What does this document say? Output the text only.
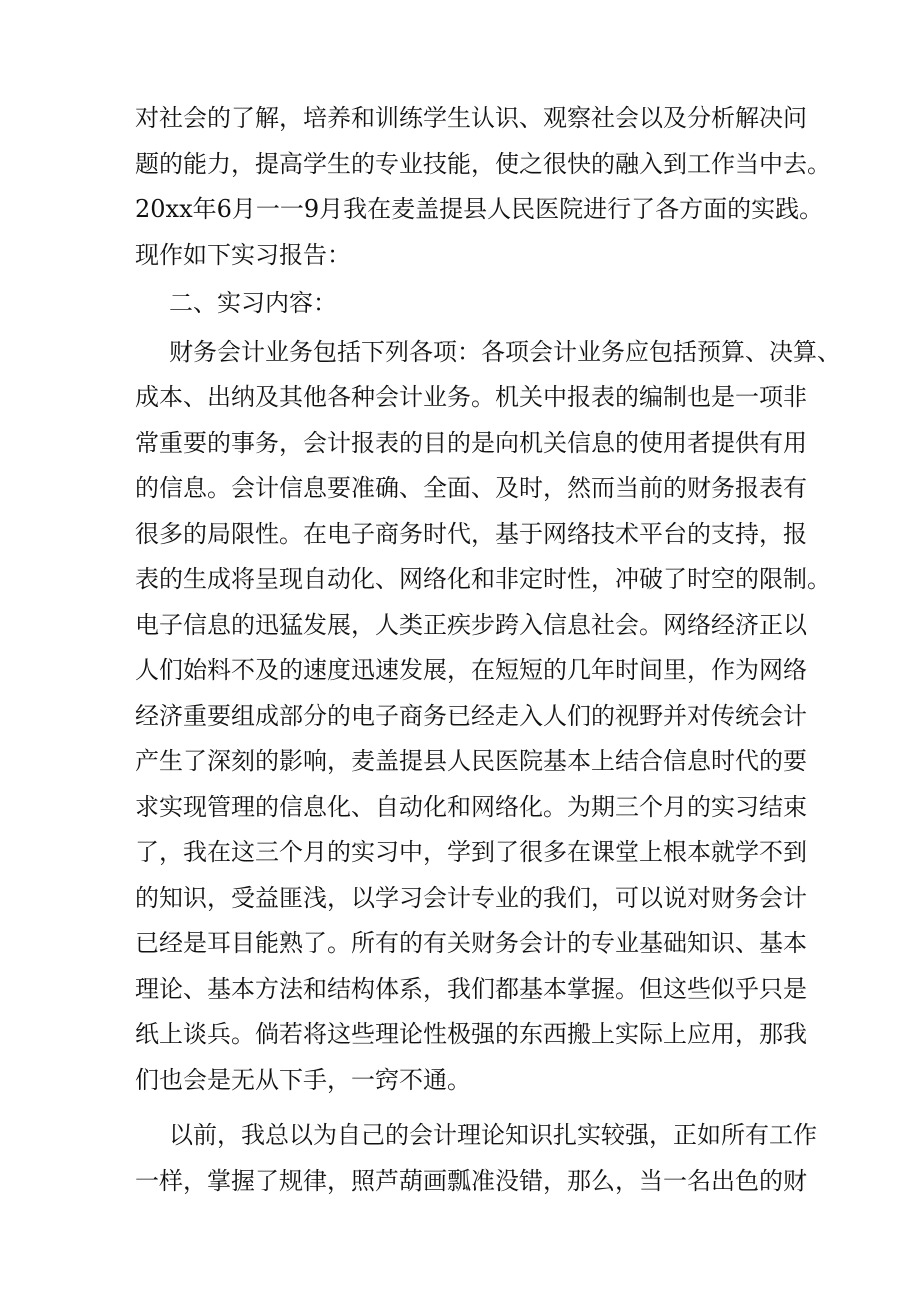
对社会的了解，培养和训练学生认识、观察社会以及分析解决问
题的能力，提高学生的专业技能，使之很快的融入到工作当中去。
20xx年6月一一9月我在麦盖提县人民医院进行了各方面的实践。
现作如下实习报告：
二、实习内容：
财务会计业务包括下列各项：各项会计业务应包括预算、决算、
成本、出纳及其他各种会计业务。机关中报表的编制也是一项非
常重要的事务，会计报表的目的是向机关信息的使用者提供有用
的信息。会计信息要准确、全面、及时，然而当前的财务报表有
很多的局限性。在电子商务时代，基于网络技术平台的支持，报
表的生成将呈现自动化、网络化和非定时性，冲破了时空的限制。
电子信息的迅猛发展，人类正疾步跨入信息社会。网络经济正以
人们始料不及的速度迅速发展，在短短的几年时间里，作为网络
经济重要组成部分的电子商务已经走入人们的视野并对传统会计
产生了深刻的影响，麦盖提县人民医院基本上结合信息时代的要
求实现管理的信息化、自动化和网络化。为期三个月的实习结束
了，我在这三个月的实习中，学到了很多在课堂上根本就学不到
的知识，受益匪浅，以学习会计专业的我们，可以说对财务会计
已经是耳目能熟了。所有的有关财务会计的专业基础知识、基本
理论、基本方法和结构体系，我们都基本掌握。但这些似乎只是
纸上谈兵。倘若将这些理论性极强的东西搬上实际上应用，那我
们也会是无从下手，一窍不通。
以前，我总以为自己的会计理论知识扎实较强，正如所有工作
一样，掌握了规律，照芦葫画瓢准没错，那么，当一名出色的财
